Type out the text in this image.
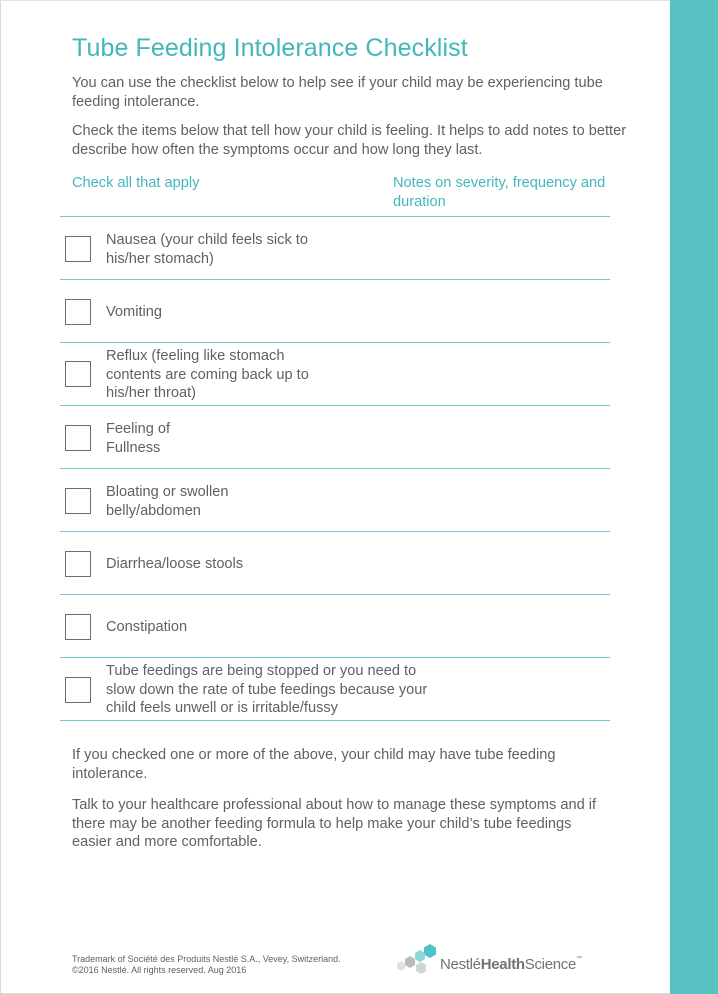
Tube Feeding Intolerance Checklist

You can use the checklist below to help see if your child may be experiencing tube feeding intolerance.

Check the items below that tell how your child is feeling. It helps to add notes to better describe how often the symptoms occur and how long they last.

Check all that apply	Notes on severity, frequency and duration

Nausea (your child feels sick to his/her stomach)

Vomiting

Reflux (feeling like stomach contents are coming back up to his/her throat)

Feeling of Fullness

Bloating or swollen belly/abdomen

Diarrhea/loose stools

Constipation

Tube feedings are being stopped or you need to slow down the rate of tube feedings because your child feels unwell or is irritable/fussy

If you checked one or more of the above, your child may have tube feeding intolerance.

Talk to your healthcare professional about how to manage these symptoms and if there may be another feeding formula to help make your child’s tube feedings easier and more comfortable.

Trademark of Société des Produits Nestlé S.A., Vevey, Switzerland.
©2016 Nestlé. All rights reserved. Aug 2016	NestléHealthScience™
